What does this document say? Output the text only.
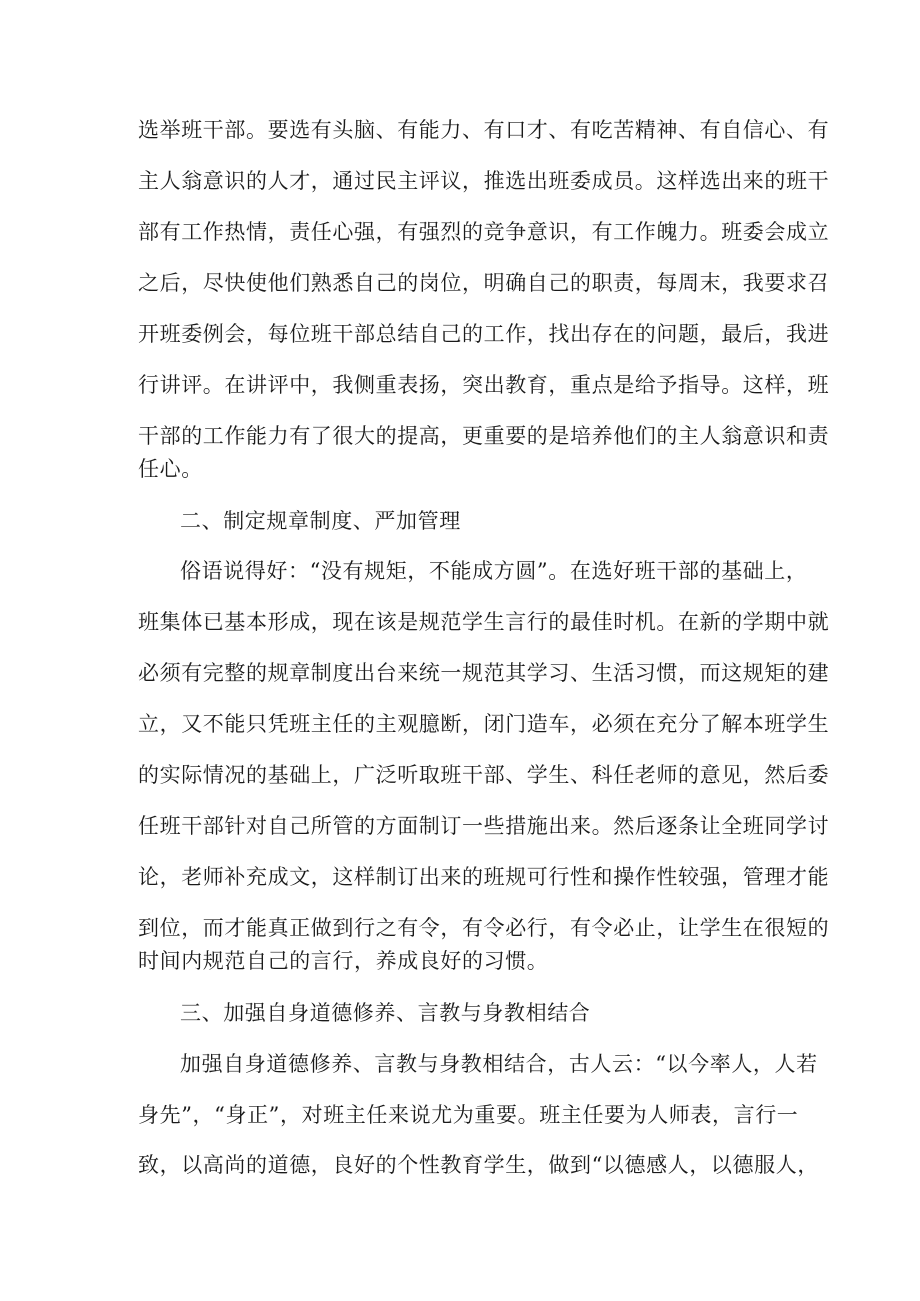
选举班干部。要选有头脑、有能力、有口才、有吃苦精神、有自信心、有
主人翁意识的人才，通过民主评议，推选出班委成员。这样选出来的班干
部有工作热情，责任心强，有强烈的竞争意识，有工作魄力。班委会成立
之后，尽快使他们熟悉自己的岗位，明确自己的职责，每周末，我要求召
开班委例会，每位班干部总结自己的工作，找出存在的问题，最后，我进
行讲评。在讲评中，我侧重表扬，突出教育，重点是给予指导。这样，班
干部的工作能力有了很大的提高，更重要的是培养他们的主人翁意识和责
任心。
二、制定规章制度、严加管理
俗语说得好：“没有规矩，不能成方圆”。在选好班干部的基础上，
班集体已基本形成，现在该是规范学生言行的最佳时机。在新的学期中就
必须有完整的规章制度出台来统一规范其学习、生活习惯，而这规矩的建
立，又不能只凭班主任的主观臆断，闭门造车，必须在充分了解本班学生
的实际情况的基础上，广泛听取班干部、学生、科任老师的意见，然后委
任班干部针对自己所管的方面制订一些措施出来。然后逐条让全班同学讨
论，老师补充成文，这样制订出来的班规可行性和操作性较强，管理才能
到位，而才能真正做到行之有令，有令必行，有令必止，让学生在很短的
时间内规范自己的言行，养成良好的习惯。
三、加强自身道德修养、言教与身教相结合
加强自身道德修养、言教与身教相结合，古人云：“以今率人，人若
身先”，“身正”，对班主任来说尤为重要。班主任要为人师表，言行一
致，以高尚的道德，良好的个性教育学生，做到“以德感人，以德服人，
